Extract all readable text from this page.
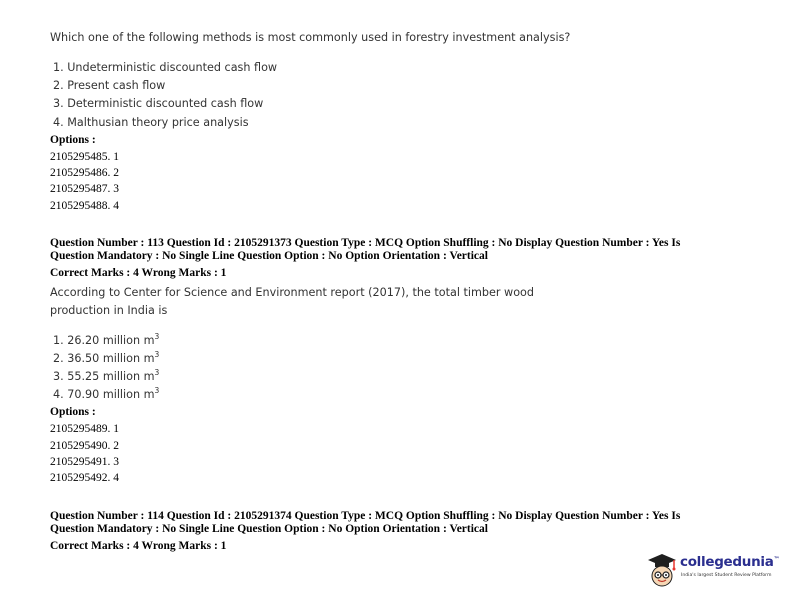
Which one of the following methods is most commonly used in forestry investment analysis?
1. Undeterministic discounted cash flow
2. Present cash flow
3. Deterministic discounted cash flow
4. Malthusian theory price analysis
Options :
2105295485. 1
2105295486. 2
2105295487. 3
2105295488. 4
Question Number : 113 Question Id : 2105291373 Question Type : MCQ Option Shuffling : No Display Question Number : Yes Is
Question Mandatory : No Single Line Question Option : No Option Orientation : Vertical
Correct Marks : 4 Wrong Marks : 1
According to Center for Science and Environment report (2017), the total timber wood
production in India is
1. 26.20 million $m^3$
2. 36.50 million $m^3$
3. 55.25 million $m^3$
4. 70.90 million $m^3$
Options :
2105295489. 1
2105295490. 2
2105295491. 3
2105295492. 4
Question Number : 114 Question Id : 2105291374 Question Type : MCQ Option Shuffling : No Display Question Number : Yes Is
Question Mandatory : No Single Line Question Option : No Option Orientation : Vertical
Correct Marks : 4 Wrong Marks : 1
collegedunia™
India's largest Student Review Platform
